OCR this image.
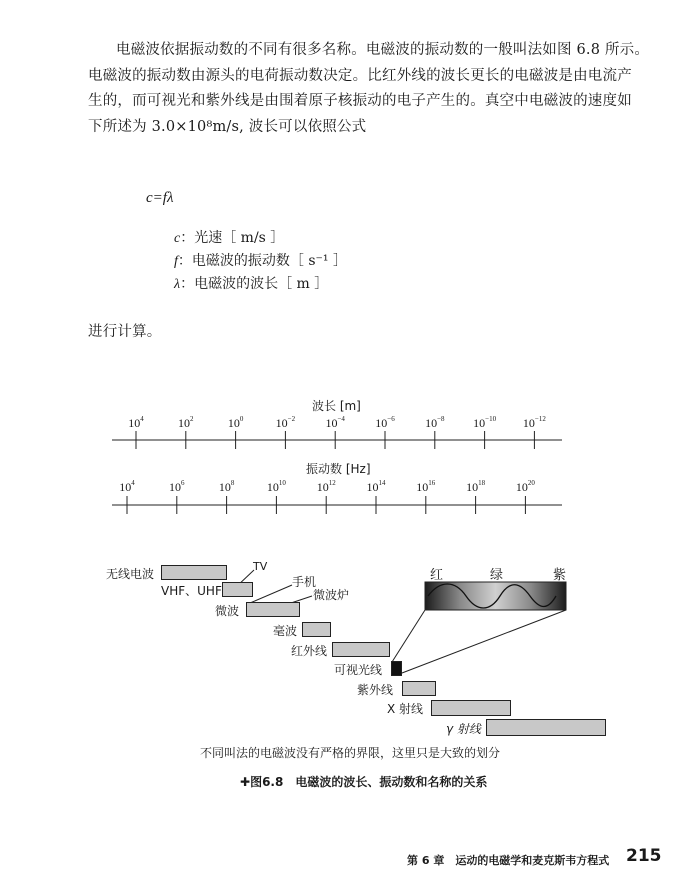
电磁波依据振动数的不同有很多名称。电磁波的振动数的一般叫法如图 6.8 所示。
电磁波的振动数由源头的电荷振动数决定。比红外线的波长更长的电磁波是由电流产
生的，而可视光和紫外线是由围着原子核振动的电子产生的。真空中电磁波的速度如
下所述为 3.0×10⁸m/s, 波长可以依照公式
c=fλ
c：光速［ m/s ］
f：电磁波的振动数［ s⁻¹ ］
λ：电磁波的波长［ m ］
进行计算。
波长 [m]
振动数 [Hz]
$10^4$	$10^2$	$10^0$	$10^{-2}$	$10^{-4}$	$10^{-6}$	$10^{-8}$ $10^{-10}$ $10^{-12}$
$10^4$	$10^6$	$10^8$	$10^{10}$	$10^{12}$	$10^{14}$	$10^{16}$	$10^{18}$	$10^{20}$
无线电波
VHF、UHF
微波
毫波
红外线
可视光线
紫外线
X 射线
γ 射线
TV
手机
微波炉
红	绿	紫
不同叫法的电磁波没有严格的界限，这里只是大致的划分
✚图6.8　电磁波的波长、振动数和名称的关系
第 6 章　运动的电磁学和麦克斯韦方程式 215
